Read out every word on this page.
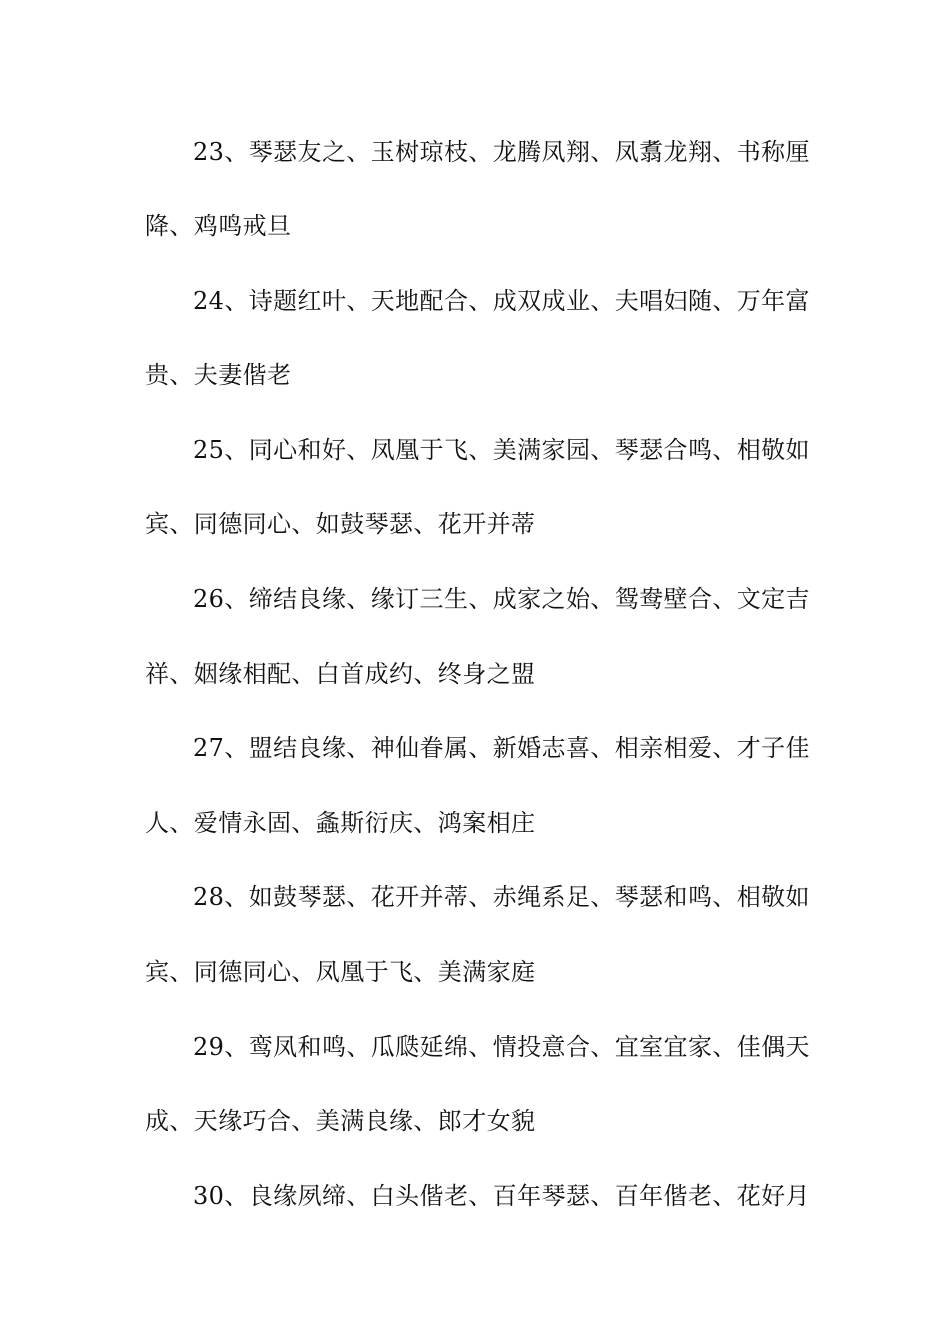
23、琴瑟友之、玉树琼枝、龙腾凤翔、凤翥龙翔、书称厘
降、鸡鸣戒旦
24、诗题红叶、天地配合、成双成业、夫唱妇随、万年富
贵、夫妻偕老
25、同心和好、凤凰于飞、美满家园、琴瑟合鸣、相敬如
宾、同德同心、如鼓琴瑟、花开并蒂
26、缔结良缘、缘订三生、成家之始、鸳鸯壁合、文定吉
祥、姻缘相配、白首成约、终身之盟
27、盟结良缘、神仙眷属、新婚志喜、相亲相爱、才子佳
人、爱情永固、螽斯衍庆、鸿案相庄
28、如鼓琴瑟、花开并蒂、赤绳系足、琴瑟和鸣、相敬如
宾、同德同心、凤凰于飞、美满家庭
29、鸾凤和鸣、瓜瓞延绵、情投意合、宜室宜家、佳偶天
成、天缘巧合、美满良缘、郎才女貌
30、良缘夙缔、白头偕老、百年琴瑟、百年偕老、花好月
